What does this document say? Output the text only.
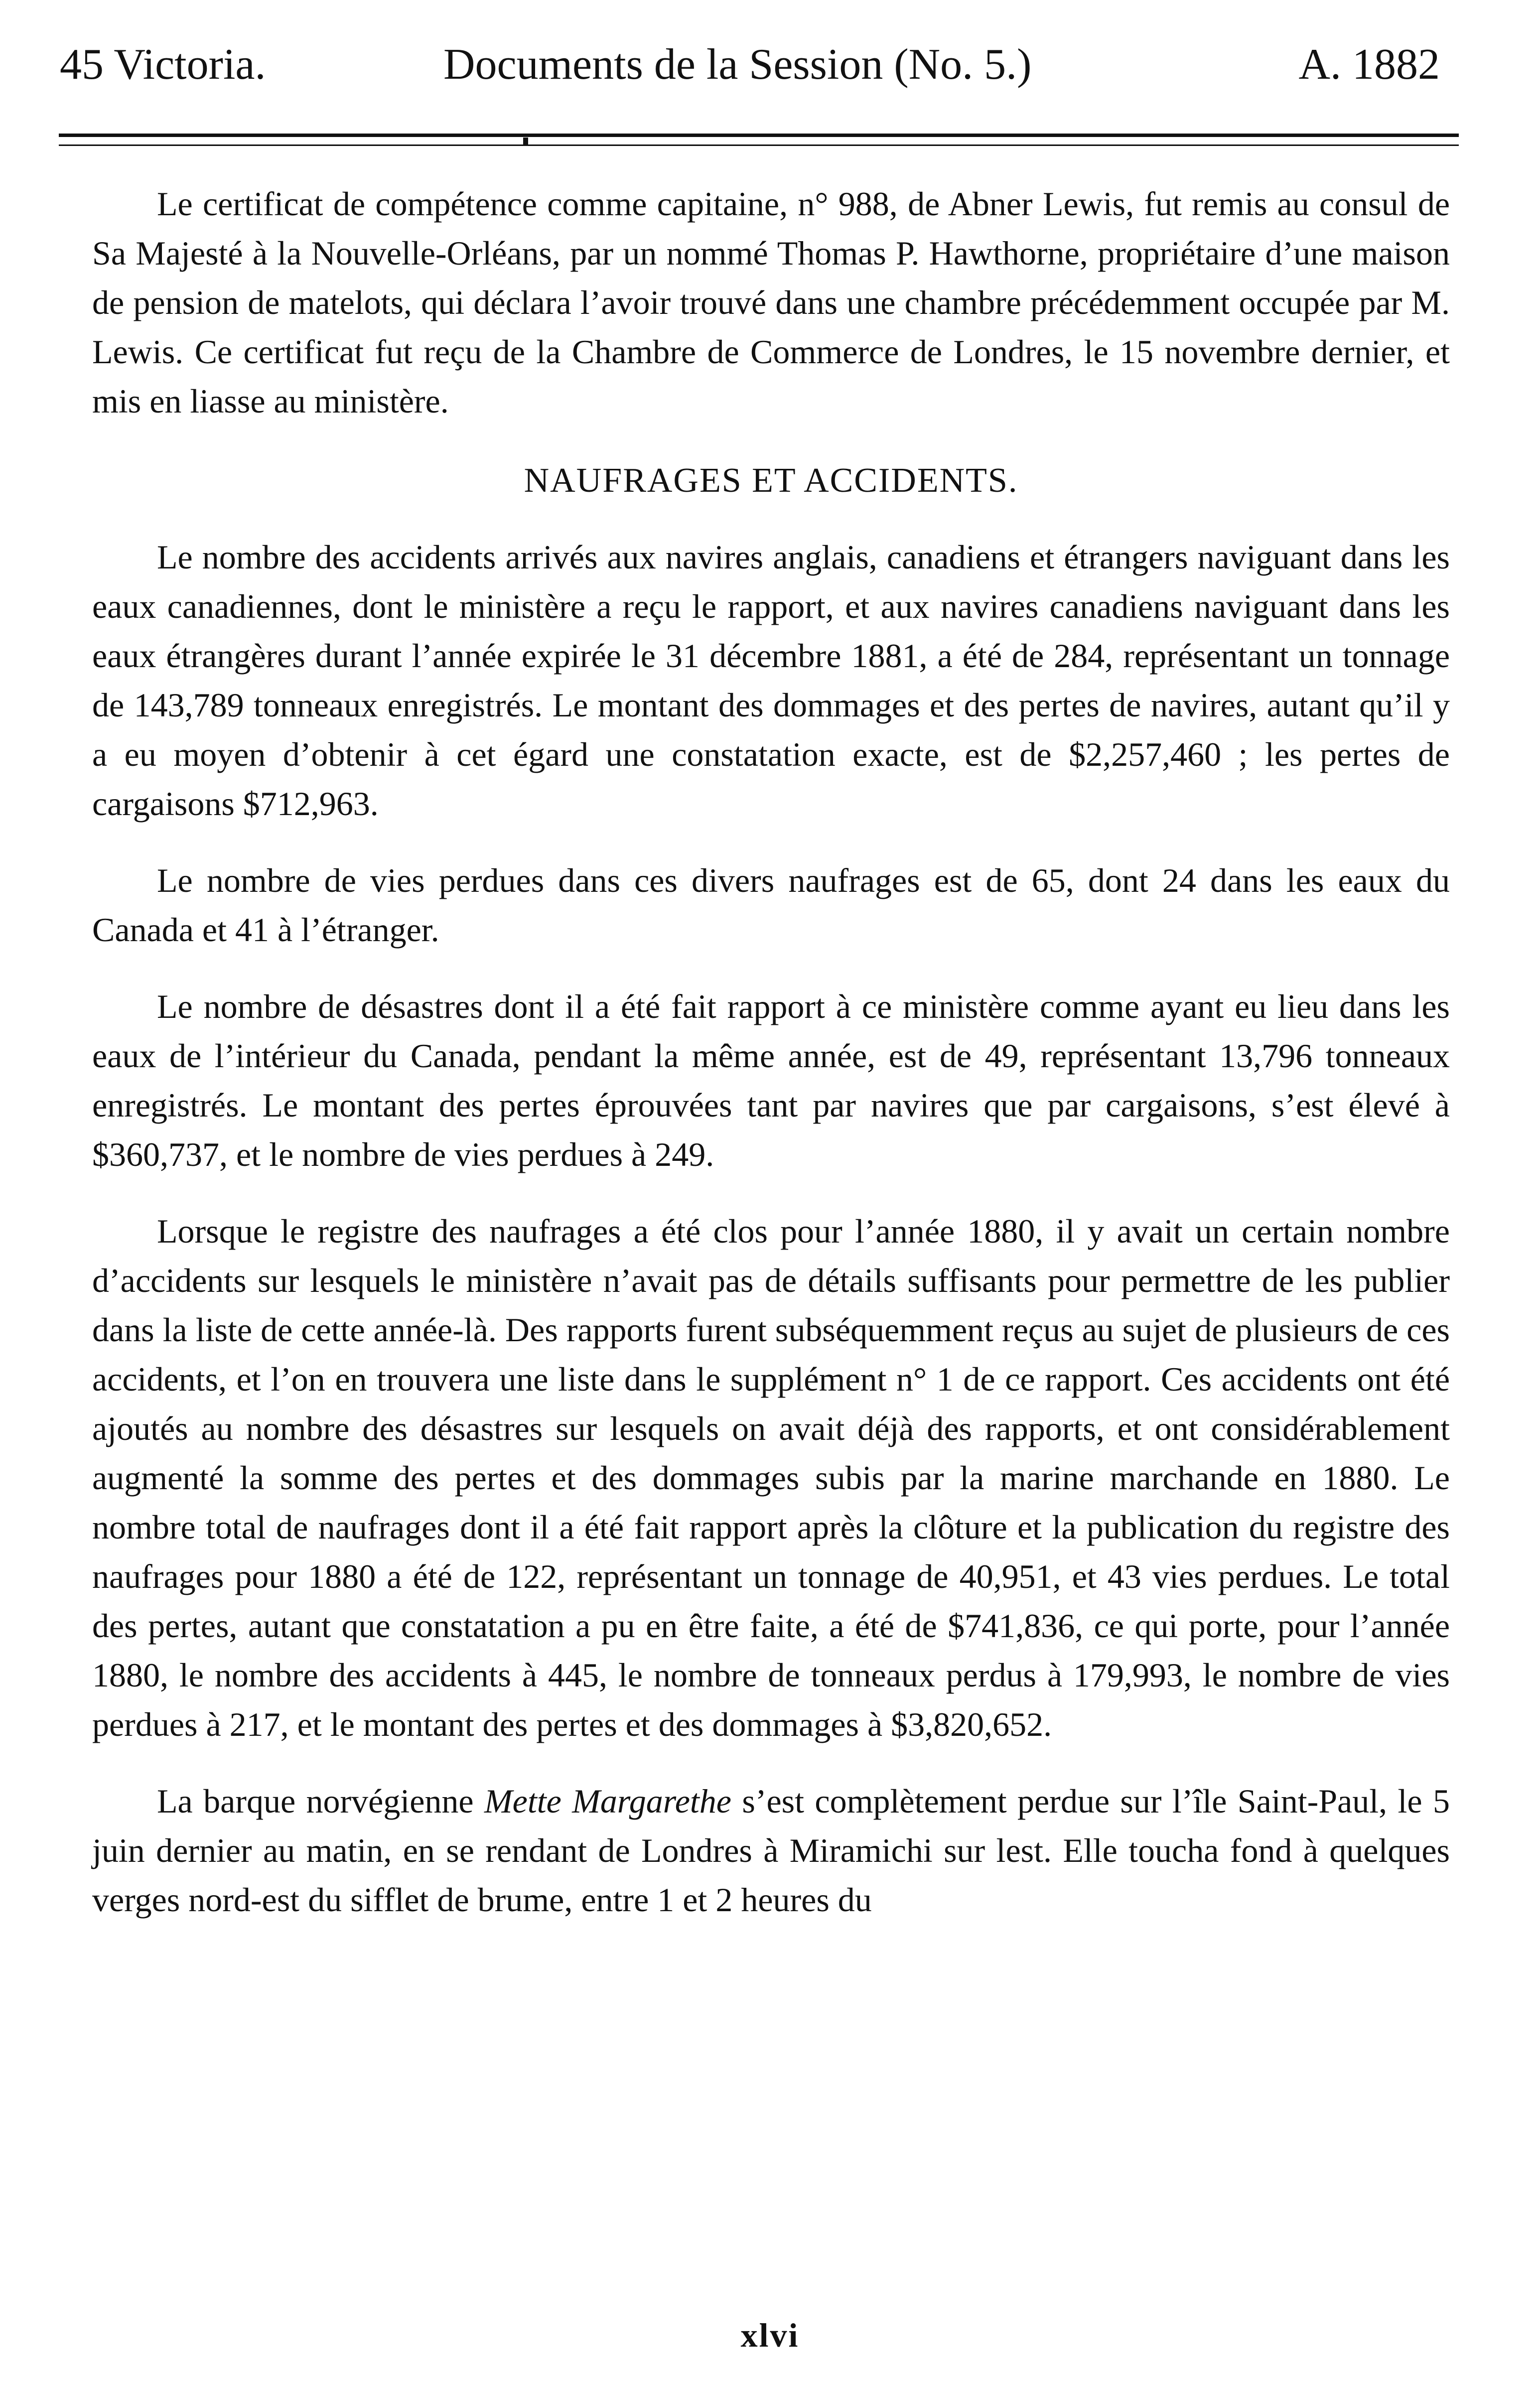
45 Victoria.	Documents de la Session (No. 5.)	A. 1882

Le certificat de compétence comme capitaine, n° 988, de Abner Lewis, fut remis au consul de Sa Majesté à la Nouvelle-Orléans, par un nommé Thomas P. Hawthorne, propriétaire d’une maison de pension de matelots, qui déclara l’avoir trouvé dans une chambre précédemment occupée par M. Lewis. Ce certificat fut reçu de la Chambre de Commerce de Londres, le 15 novembre dernier, et mis en liasse au ministère.

NAUFRAGES ET ACCIDENTS.

Le nombre des accidents arrivés aux navires anglais, canadiens et étrangers naviguant dans les eaux canadiennes, dont le ministère a reçu le rapport, et aux navires canadiens naviguant dans les eaux étrangères durant l’année expirée le 31 décembre 1881, a été de 284, représentant un tonnage de 143,789 tonneaux enregistrés. Le montant des dommages et des pertes de navires, autant qu’il y a eu moyen d’obtenir à cet égard une constatation exacte, est de $2,257,460 ; les pertes de cargaisons $712,963.

Le nombre de vies perdues dans ces divers naufrages est de 65, dont 24 dans les eaux du Canada et 41 à l’étranger.

Le nombre de désastres dont il a été fait rapport à ce ministère comme ayant eu lieu dans les eaux de l’intérieur du Canada, pendant la même année, est de 49, représentant 13,796 tonneaux enregistrés. Le montant des pertes éprouvées tant par navires que par cargaisons, s’est élevé à $360,737, et le nombre de vies perdues à 249.

Lorsque le registre des naufrages a été clos pour l’année 1880, il y avait un certain nombre d’accidents sur lesquels le ministère n’avait pas de détails suffisants pour permettre de les publier dans la liste de cette année-là. Des rapports furent subséquemment reçus au sujet de plusieurs de ces accidents, et l’on en trouvera une liste dans le supplément n° 1 de ce rapport. Ces accidents ont été ajoutés au nombre des désastres sur lesquels on avait déjà des rapports, et ont considérablement augmenté la somme des pertes et des dommages subis par la marine marchande en 1880. Le nombre total de naufrages dont il a été fait rapport après la clôture et la publication du registre des naufrages pour 1880 a été de 122, représentant un tonnage de 40,951, et 43 vies perdues. Le total des pertes, autant que constatation a pu en être faite, a été de $741,836, ce qui porte, pour l’année 1880, le nombre des accidents à 445, le nombre de tonneaux perdus à 179,993, le nombre de vies perdues à 217, et le montant des pertes et des dommages à $3,820,652.

La barque norvégienne Mette Margarethe s’est complètement perdue sur l’île Saint-Paul, le 5 juin dernier au matin, en se rendant de Londres à Miramichi sur lest. Elle toucha fond à quelques verges nord-est du sifflet de brume, entre 1 et 2 heures du

xlvi
